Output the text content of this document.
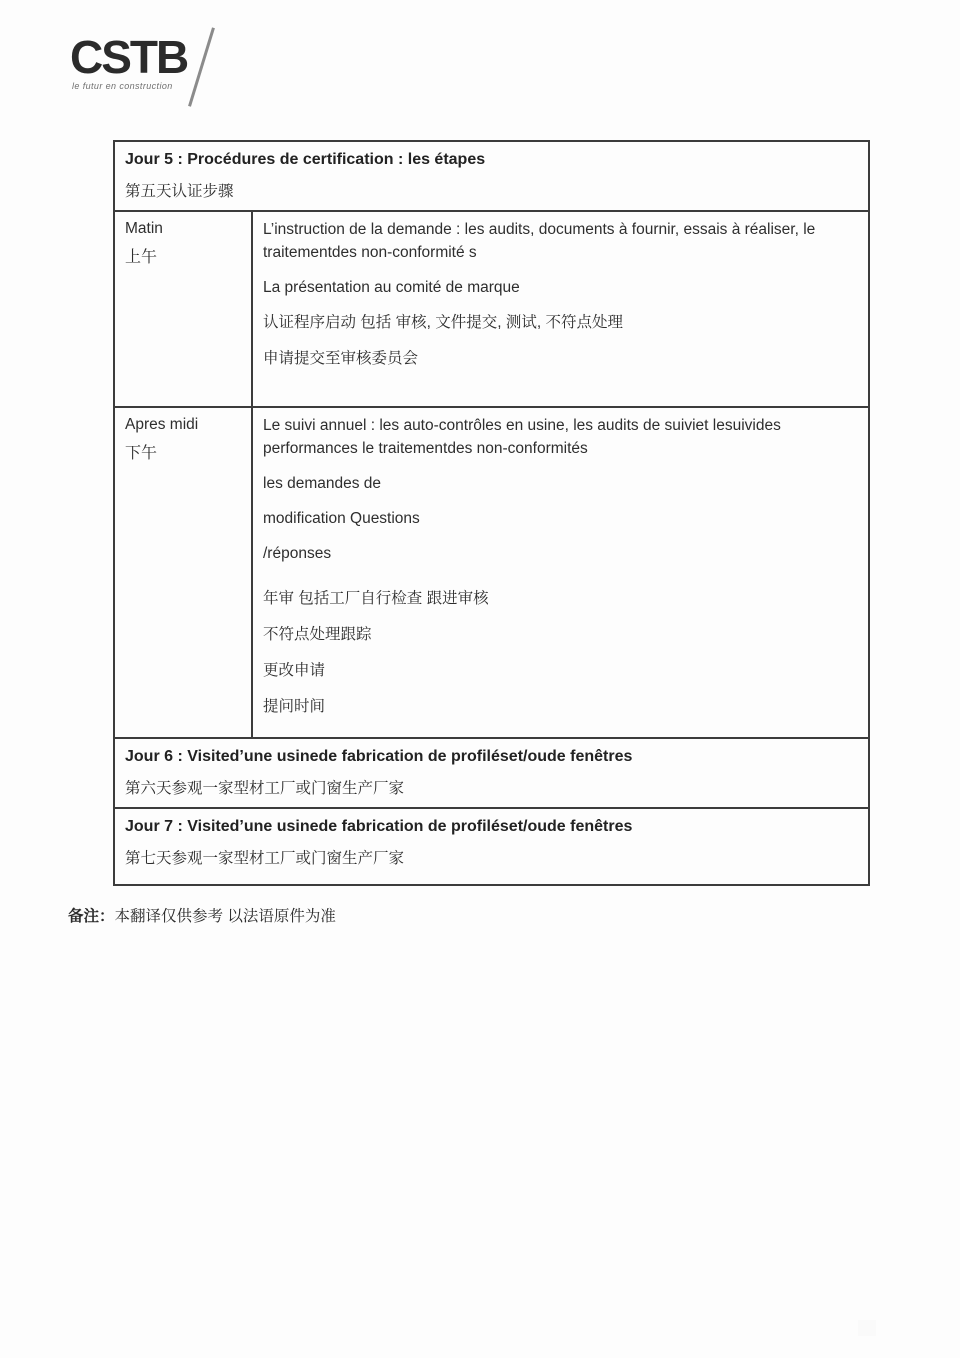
CSTB
le futur en construction
Jour 5 : Procédures de certification : les étapes
第五天认证步骤
Matin
上午

L’instruction de la demande : les audits, documents à fournir, essais à réaliser, le traitementdes non-conformité s

La présentation au comité de marque

认证程序启动 包括 审核, 文件提交, 测试, 不符点处理

申请提交至审核委员会

Apres midi
下午

Le suivi annuel : les auto-contrôles en usine, les audits de suiviet lesuivides performances le traitementdes non-conformités

les demandes de

modification Questions

/réponses

年审 包括工厂自行检查 跟进审核

不符点处理跟踪

更改申请

提问时间

Jour 6 : Visited’une usinede fabrication de profiléset/oude fenêtres
第六天参观一家型材工厂或门窗生产厂家
Jour 7 : Visited’une usinede fabrication de profiléset/oude fenêtres
第七天参观一家型材工厂或门窗生产厂家
备注：本翻译仅供参考 以法语原件为准
